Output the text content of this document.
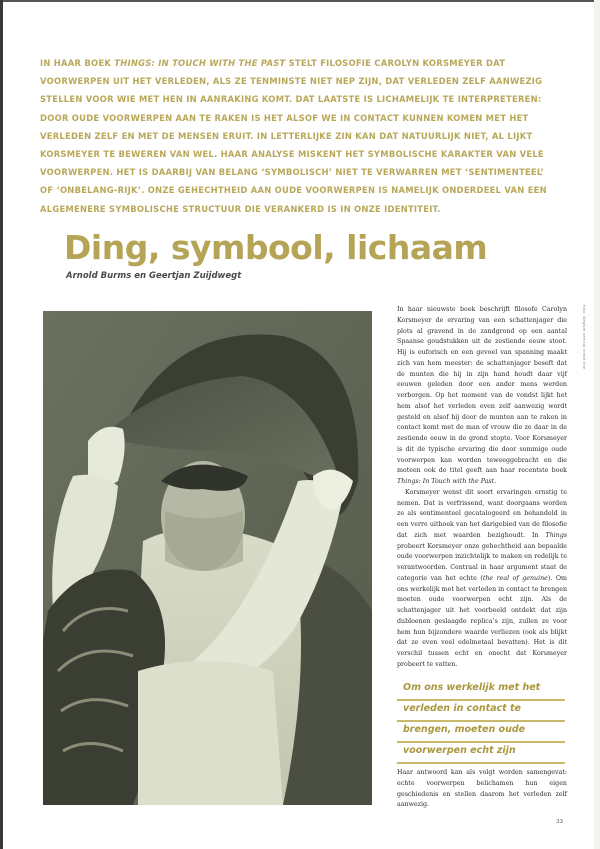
IN HAAR BOEK THINGS: IN TOUCH WITH THE PAST STELT FILOSOFIE CAROLYN KORSMEYER DAT VOORWERPEN UIT HET VERLEDEN, ALS ZE TENMINSTE NIET NEP ZIJN, DAT VERLEDEN ZELF AANWEZIG STELLEN VOOR WIE MET HEN IN AANRAKING KOMT. DAT LAATSTE IS LICHAMELIJK TE INTERPRETEREN: DOOR OUDE VOORWERPEN AAN TE RAKEN IS HET ALSOF WE IN CONTACT KUNNEN KOMEN MET HET VERLEDEN ZELF EN MET DE MENSEN ERUIT. IN LETTERLIJKE ZIN KAN DAT NATUURLIJK NIET, AL LIJKT KORSMEYER TE BEWEREN VAN WEL. HAAR ANALYSE MISKENT HET SYMBOLISCHE KARAKTER VAN VELE VOORWERPEN. HET IS DAARBIJ VAN BELANG ‘SYMBOLISCH’ NIET TE VERWARREN MET ‘SENTIMENTEEL’ OF ‘ONBELANG-RIJK’. ONZE GEHECHTHEID AAN OUDE VOORWERPEN IS NAMELIJK ONDERDEEL VAN EEN ALGEMENERE SYMBOLISCHE STRUCTUUR DIE VERANKERD IS IN ONZE IDENTITEIT.
Ding, symbool, lichaam
Arnold Burms en Geertjan Zuijdwegt

In haar nieuwste boek beschrijft filosofe Carolyn Korsmeyer de ervaring van een schattenjager die plots al gravend in de zandgrond op een aantal Spaanse goudstukken uit de zestiende eeuw stoot. Hij is euforisch en een gevoel van spanning maakt zich van hem meester: de schattenjager beseft dat de munten die hij in zijn hand houdt daar vijf eeuwen geleden door een ander mens werden verborgen. Op het moment van de vondst lijkt het hem alsof het verleden even zelf aanwezig wordt gesteld en alsof hij door de munten aan te raken in contact komt met de man of vrouw die ze daar in de zestiende eeuw in de grond stopte. Voor Korsmeyer is dit de typische ervaring die door sommige oude voorwerpen kan worden teweeggebracht en die meteen ook de titel geeft aan haar recentste boek Things: In Touch with the Past.

Korsmeyer wenst dit soort ervaringen ernstig te nemen. Dat is verfrissend, want doorgaans worden ze als sentimenteel gecatalogeerd en behandeld in een verre uithoek van het darigebied van de filosofie dat zich met waarden bezighoudt. In Things probeert Korsmeyer onze gehechtheid aan bepaalde oude voorwerpen inzichtelijk te maken en redelijk te verantwoorden. Centraal in haar argument staat de categorie van het echte (the real of genuine). Om ons werkelijk met het verleden in contact te brengen moeten oude voorwerpen echt zijn. Als de schattenjager uit het voorbeeld ontdekt dat zijn dubloenen geslaagde replica’s zijn, zullen ze voor hem hun bijzondere waarde verliezen (ook als blijkt dat ze even veel edelmetaal bevatten). Het is dit verschil tussen echt en onecht dat Korsmeyer probeert te vatten.

Om ons werkelijk met het
verleden in contact te
brengen, moeten oude
voorwerpen echt zijn

Haar antwoord kan als volgt worden samengevat: echte voorwerpen belichamen hun eigen geschiedenis en stellen daarom het verleden zelf aanwezig.

foto: illegible vertical credit line
33
